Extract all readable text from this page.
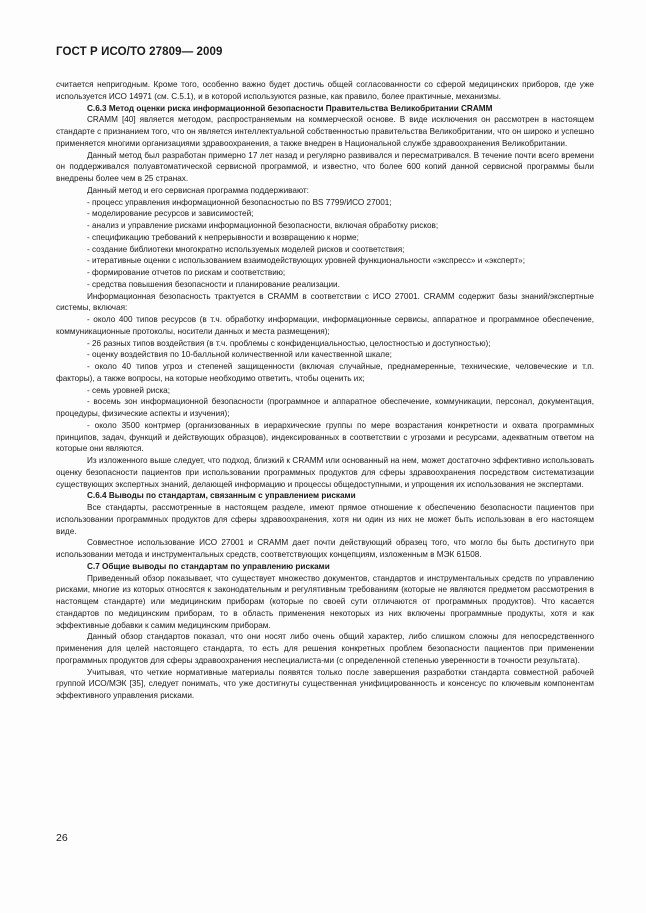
ГОСТ Р ИСО/ТО 27809— 2009

считается непригодным. Кроме того, особенно важно будет достичь общей согласованности со сферой медицинских приборов, где уже используется ИСО 14971 (см. С.5.1), и в которой используются разные, как правило, более практичные, механизмы.

С.6.3 Метод оценки риска информационной безопасности Правительства Великобритании CRAMM

CRAMM [40] является методом, распространяемым на коммерческой основе. В виде исключения он рассмотрен в настоящем стандарте с признанием того, что он является интеллектуальной собственностью правительства Великобритании, что он широко и успешно применяется многими организациями здравоохранения, а также внедрен в Национальной службе здравоохранения Великобритании.

Данный метод был разработан примерно 17 лет назад и регулярно развивался и пересматривался. В течение почти всего времени он поддерживался полуавтоматической сервисной программой, и известно, что более 600 копий данной сервисной программы были внедрены более чем в 25 странах.

Данный метод и его сервисная программа поддерживают:

- процесс управления информационной безопасностью по BS 7799/ИСО 27001;

- моделирование ресурсов и зависимостей;

- анализ и управление рисками информационной безопасности, включая обработку рисков;

- спецификацию требований к непрерывности и возвращению к норме;

- создание библиотеки многократно используемых моделей рисков и соответствия;

- итеративные оценки с использованием взаимодействующих уровней функциональности «экспресс» и «эксперт»;

- формирование отчетов по рискам и соответствию;

- средства повышения безопасности и планирование реализации.

Информационная безопасность трактуется в CRAMM в соответствии с ИСО 27001. CRAMM содержит базы знаний/экспертные системы, включая:

- около 400 типов ресурсов (в т.ч. обработку информации, информационные сервисы, аппаратное и программное обеспечение, коммуникационные протоколы, носители данных и места размещения);

- 26 разных типов воздействия (в т.ч. проблемы с конфиденциальностью, целостностью и доступностью);

- оценку воздействия по 10-балльной количественной или качественной шкале;

- около 40 типов угроз и степеней защищенности (включая случайные, преднамеренные, технические, человеческие и т.п. факторы), а также вопросы, на которые необходимо ответить, чтобы оценить их;

- семь уровней риска;

- восемь зон информационной безопасности (программное и аппаратное обеспечение, коммуникации, персонал, документация, процедуры, физические аспекты и изучения);

- около 3500 контрмер (организованных в иерархические группы по мере возрастания конкретности и охвата программных принципов, задач, функций и действующих образцов), индексированных в соответствии с угрозами и ресурсами, адекватным ответом на которые они являются.

Из изложенного выше следует, что подход, близкий к CRAMM или основанный на нем, может достаточно эффективно использовать оценку безопасности пациентов при использовании программных продуктов для сферы здравоохранения посредством систематизации существующих экспертных знаний, делающей информацию и процессы общедоступными, и упрощения их использования не экспертами.

С.6.4 Выводы по стандартам, связанным с управлением рисками

Все стандарты, рассмотренные в настоящем разделе, имеют прямое отношение к обеспечению безопасности пациентов при использовании программных продуктов для сферы здравоохранения, хотя ни один из них не может быть использован в его настоящем виде.

Совместное использование ИСО 27001 и CRAMM дает почти действующий образец того, что могло бы быть достигнуто при использовании метода и инструментальных средств, соответствующих концепциям, изложенным в МЭК 61508.

С.7 Общие выводы по стандартам по управлению рисками

Приведенный обзор показывает, что существует множество документов, стандартов и инструментальных средств по управлению рисками, многие из которых относятся к законодательным и регулятивным требованиям (которые не являются предметом рассмотрения в настоящем стандарте) или медицинским приборам (которые по своей сути отличаются от программных продуктов). Что касается стандартов по медицинским приборам, то в область применения некоторых из них включены программные продукты, хотя и как эффективные добавки к самим медицинским приборам.

Данный обзор стандартов показал, что они носят либо очень общий характер, либо слишком сложны для непосредственного применения для целей настоящего стандарта, то есть для решения конкретных проблем безопасности пациентов при применении программных продуктов для сферы здравоохранения неспециалиста-ми (с определенной степенью уверенности в точности результата).

Учитывая, что четкие нормативные материалы появятся только после завершения разработки стандарта совместной рабочей группой ИСО/МЭК [35], следует понимать, что уже достигнуты существенная унифицированность и консенсус по ключевым компонентам эффективного управления рисками.

26
